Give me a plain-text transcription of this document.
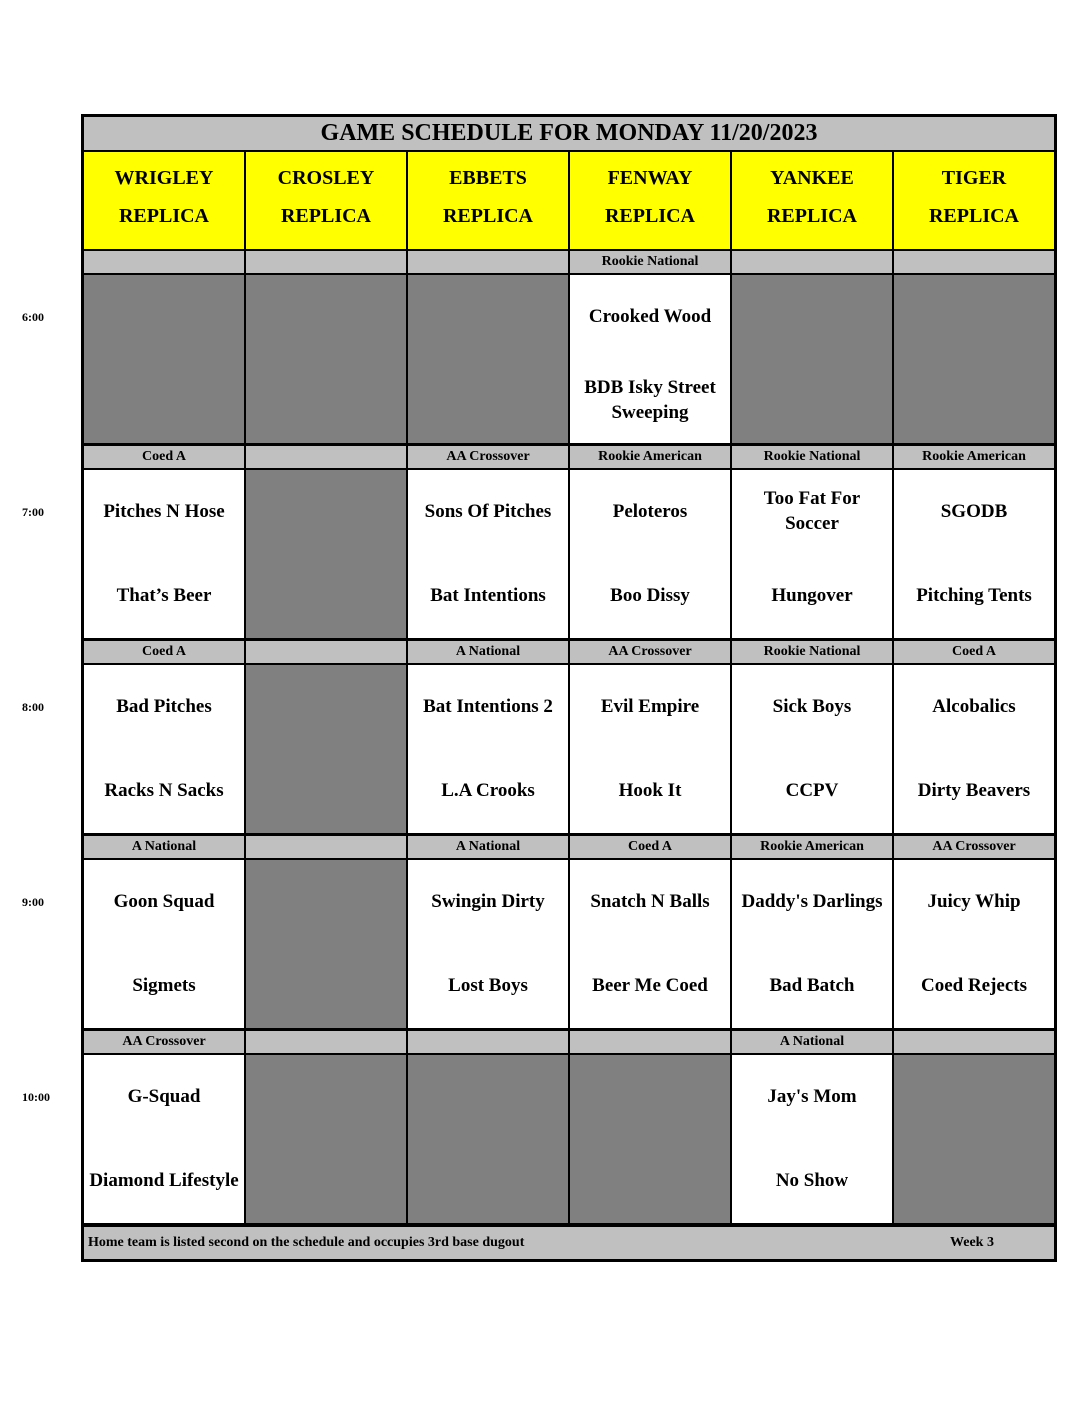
GAME SCHEDULE FOR MONDAY 11/20/2023
WRIGLEY
REPLICA
CROSLEY
REPLICA
EBBETS
REPLICA
FENWAY
REPLICA
YANKEE
REPLICA
TIGER
REPLICA
Rookie National
Crooked Wood
BDB Isky Street Sweeping
Coed A
Pitches N Hose
That’s Beer
AA Crossover
Sons Of Pitches
Bat Intentions
Rookie American
Peloteros
Boo Dissy
Rookie National
Too Fat For Soccer
Hungover
Rookie American
SGODB
Pitching Tents
Coed A
Bad Pitches
Racks N Sacks
A National
Bat Intentions 2
L.A Crooks
AA Crossover
Evil Empire
Hook It
Rookie National
Sick Boys
CCPV
Coed A
Alcobalics
Dirty Beavers
A National
Goon Squad
Sigmets
A National
Swingin Dirty
Lost Boys
Coed A
Snatch N Balls
Beer Me Coed
Rookie American
Daddy's Darlings
Bad Batch
AA Crossover
Juicy Whip
Coed Rejects
AA Crossover
G-Squad
Diamond Lifestyle
A National
Jay's Mom
No Show
Home team is listed second on the schedule and occupies 3rd base dugout	Week 3
6:00
7:00
8:00
9:00
10:00
